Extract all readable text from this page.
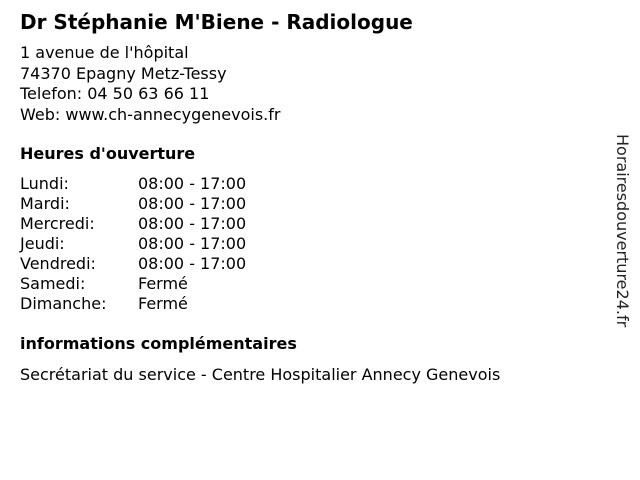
Dr Stéphanie M'Biene - Radiologue
1 avenue de l'hôpital
74370 Epagny Metz-Tessy
Telefon: 04 50 63 66 11
Web: www.ch-annecygenevois.fr
Heures d'ouverture
Lundi:	08:00 - 17:00
Mardi:	08:00 - 17:00
Mercredi:	08:00 - 17:00
Jeudi:	08:00 - 17:00
Vendredi:	08:00 - 17:00
Samedi:	Fermé
Dimanche:	Fermé
informations complémentaires
Secrétariat du service - Centre Hospitalier Annecy Genevois
Horairesdouverture24.fr
